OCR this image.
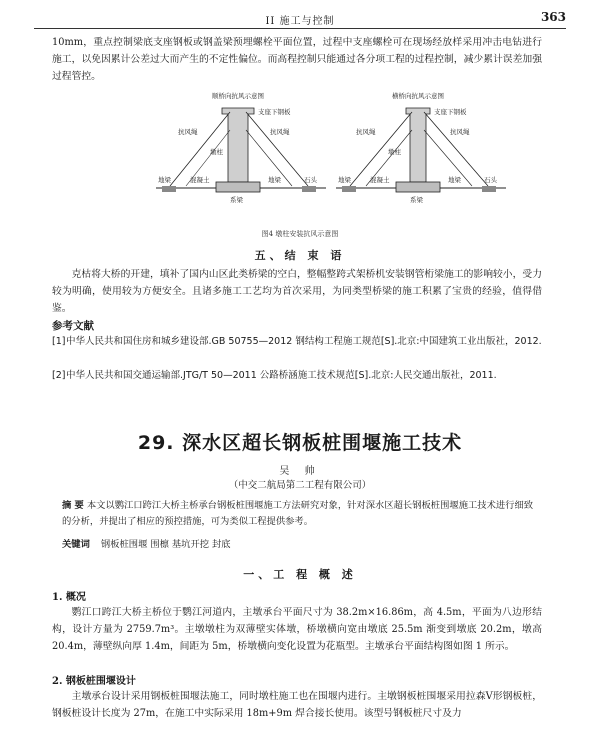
II 施工与控制	363

10mm，重点控制梁底支座钢板或钢盖梁预埋螺栓平面位置，过程中支座螺栓可在现场经放样采用冲击电钻进行施工，以免因累计公差过大而产生的不定性偏位。而高程控制只能通过各分项工程的过程控制，减少累计误差加强过程管控。

顺桥向抗风示意图
支座下钢板
抗风绳	抗风绳
墩柱
地梁	混凝土
系梁
地梁	石头
横桥向抗风示意图
支座下钢板
抗风绳	抗风绳
墩柱
地梁	混凝土
系梁
地梁	石头
图4 墩柱安装抗风示意图
五、结 束 语

克枯将大桥的开建，填补了国内山区此类桥梁的空白，整幅整跨式架桥机安装钢管桁梁施工的影响较小，受力较为明确，使用较为方便安全。且诸多施工工艺均为首次采用，为同类型桥梁的施工积累了宝贵的经验，值得借鉴。

参考文献
[1] 中华人民共和国住房和城乡建设部.GB 50755—2012 钢结构工程施工规范[S].北京:中国建筑工业出版社，2012.
[2] 中华人民共和国交通运输部.JTG/T 50—2011 公路桥涵施工技术规范[S].北京:人民交通出版社，2011.
29. 深水区超长钢板桩围堰施工技术
吴 帅
（中交二航局第二工程有限公司）
摘 要 本文以鹦江口跨江大桥主桥承台钢板桩围堰施工方法研究对象，针对深水区超长钢板桩围堰施工技术进行细致的分析，并提出了相应的预控措施，可为类似工程提供参考。
关键词 钢板桩围堰 围檩 基坑开挖 封底
一、工 程 概 述
1. 概况

鹦江口跨江大桥主桥位于鹦江河道内，主墩承台平面尺寸为 38.2m×16.86m，高 4.5m，平面为八边形结构，设计方量为 2759.7m³。主墩墩柱为双薄壁实体墩，桥墩横向宽由墩底 25.5m 渐变到墩底 20.2m，墩高 20.4m，薄壁纵向厚 1.4m，间距为 5m，桥墩横向变化设置为花瓶型。主墩承台平面结构图如图 1 所示。

2. 钢板桩围堰设计

主墩承台设计采用钢板桩围堰法施工，同时墩柱施工也在围堰内进行。主墩钢板桩围堰采用拉森Ⅴ形钢板桩，钢板桩设计长度为 27m，在施工中实际采用 18m+9m 焊合接长使用。该型号钢板桩尺寸及力
